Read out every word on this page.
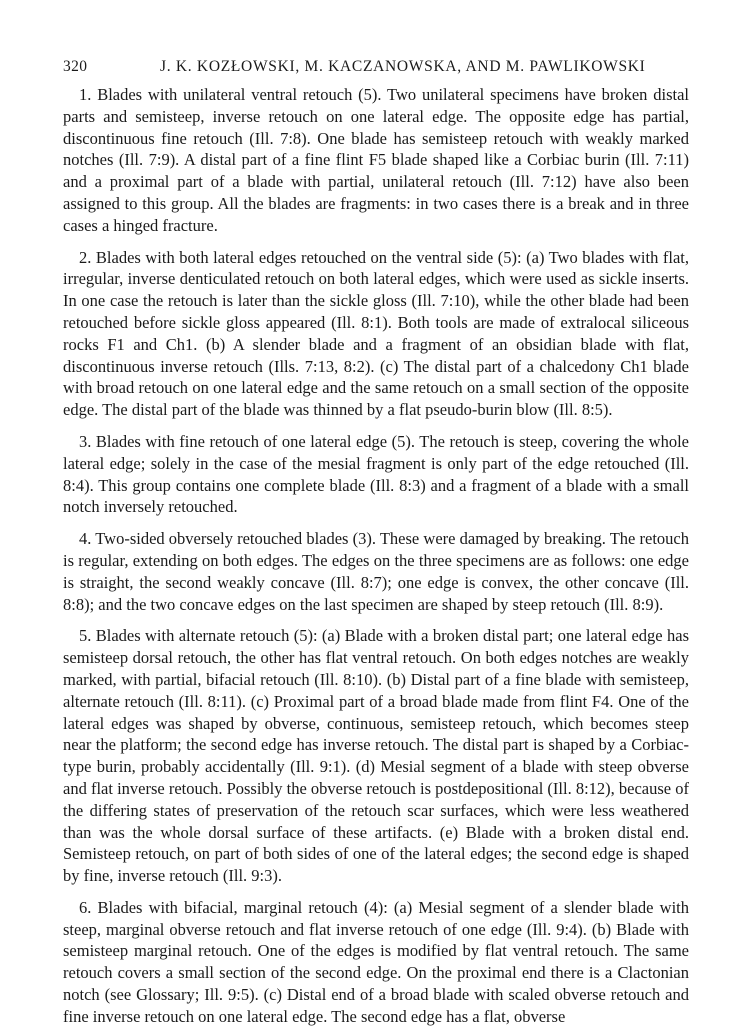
320	J. K. KOZŁOWSKI, M. KACZANOWSKA, AND M. PAWLIKOWSKI

1. Blades with unilateral ventral retouch (5). Two unilateral specimens have broken distal parts and semisteep, inverse retouch on one lateral edge. The opposite edge has partial, discontinuous fine retouch (Ill. 7:8). One blade has semisteep retouch with weakly marked notches (Ill. 7:9). A distal part of a fine flint F5 blade shaped like a Corbiac burin (Ill. 7:11) and a proximal part of a blade with partial, unilateral retouch (Ill. 7:12) have also been assigned to this group. All the blades are fragments: in two cases there is a break and in three cases a hinged fracture.

2. Blades with both lateral edges retouched on the ventral side (5): (a) Two blades with flat, irregular, inverse denticulated retouch on both lateral edges, which were used as sickle inserts. In one case the retouch is later than the sickle gloss (Ill. 7:10), while the other blade had been retouched before sickle gloss appeared (Ill. 8:1). Both tools are made of extralocal siliceous rocks F1 and Ch1. (b) A slender blade and a fragment of an obsidian blade with flat, discontinuous inverse retouch (Ills. 7:13, 8:2). (c) The distal part of a chalcedony Ch1 blade with broad retouch on one lateral edge and the same retouch on a small section of the opposite edge. The distal part of the blade was thinned by a flat pseudo-burin blow (Ill. 8:5).

3. Blades with fine retouch of one lateral edge (5). The retouch is steep, covering the whole lateral edge; solely in the case of the mesial fragment is only part of the edge retouched (Ill. 8:4). This group contains one complete blade (Ill. 8:3) and a fragment of a blade with a small notch inversely retouched.

4. Two-sided obversely retouched blades (3). These were damaged by breaking. The retouch is regular, extending on both edges. The edges on the three specimens are as follows: one edge is straight, the second weakly concave (Ill. 8:7); one edge is convex, the other concave (Ill. 8:8); and the two concave edges on the last specimen are shaped by steep retouch (Ill. 8:9).

5. Blades with alternate retouch (5): (a) Blade with a broken distal part; one lateral edge has semisteep dorsal retouch, the other has flat ventral retouch. On both edges notches are weakly marked, with partial, bifacial retouch (Ill. 8:10). (b) Distal part of a fine blade with semisteep, alternate retouch (Ill. 8:11). (c) Proximal part of a broad blade made from flint F4. One of the lateral edges was shaped by obverse, continuous, semisteep retouch, which becomes steep near the platform; the second edge has inverse retouch. The distal part is shaped by a Corbiac-type burin, probably accidentally (Ill. 9:1). (d) Mesial segment of a blade with steep obverse and flat inverse retouch. Possibly the obverse retouch is postdepositional (Ill. 8:12), because of the differing states of preservation of the retouch scar surfaces, which were less weathered than was the whole dorsal surface of these artifacts. (e) Blade with a broken distal end. Semisteep retouch, on part of both sides of one of the lateral edges; the second edge is shaped by fine, inverse retouch (Ill. 9:3).

6. Blades with bifacial, marginal retouch (4): (a) Mesial segment of a slender blade with steep, marginal obverse retouch and flat inverse retouch of one edge (Ill. 9:4). (b) Blade with semisteep marginal retouch. One of the edges is modified by flat ventral retouch. The same retouch covers a small section of the second edge. On the proximal end there is a Clactonian notch (see Glossary; Ill. 9:5). (c) Distal end of a broad blade with scaled obverse retouch and fine inverse retouch on one lateral edge. The second edge has a flat, obverse
